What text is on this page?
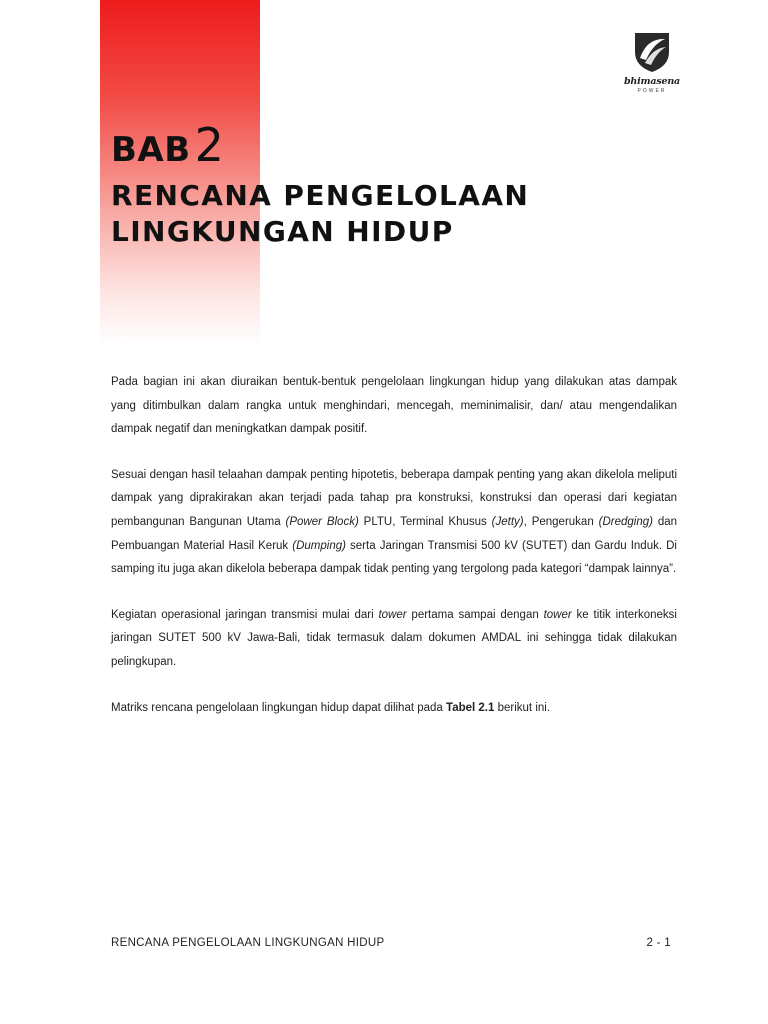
bhimasena
POWER
BAB2
RENCANA PENGELOLAAN
LINGKUNGAN HIDUP

Pada bagian ini akan diuraikan bentuk-bentuk pengelolaan lingkungan hidup yang dilakukan atas dampak yang ditimbulkan dalam rangka untuk menghindari, mencegah, meminimalisir, dan/ atau mengendalikan dampak negatif dan meningkatkan dampak positif.

Sesuai dengan hasil telaahan dampak penting hipotetis, beberapa dampak penting yang akan dikelola meliputi dampak yang diprakirakan akan terjadi pada tahap pra konstruksi, konstruksi dan operasi dari kegiatan pembangunan Bangunan Utama (Power Block) PLTU, Terminal Khusus (Jetty), Pengerukan (Dredging) dan Pembuangan Material Hasil Keruk (Dumping) serta Jaringan Transmisi 500 kV (SUTET) dan Gardu Induk. Di samping itu juga akan dikelola beberapa dampak tidak penting yang tergolong pada kategori “dampak lainnya”.

Kegiatan operasional jaringan transmisi mulai dari tower pertama sampai dengan tower ke titik interkoneksi jaringan SUTET 500 kV Jawa-Bali, tidak termasuk dalam dokumen AMDAL ini sehingga tidak dilakukan pelingkupan.

Matriks rencana pengelolaan lingkungan hidup dapat dilihat pada Tabel 2.1 berikut ini.

RENCANA PENGELOLAAN LINGKUNGAN HIDUP	2 - 1
